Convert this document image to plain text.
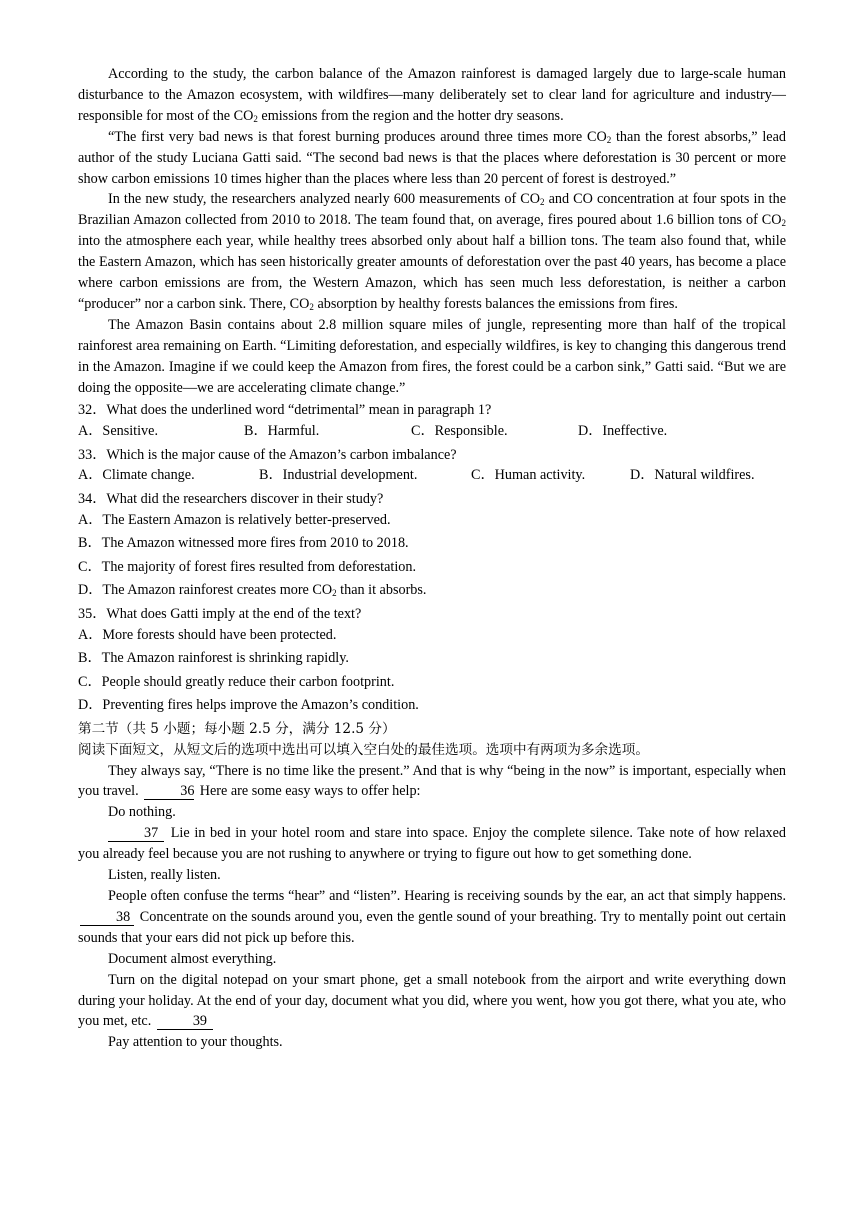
According to the study, the carbon balance of the Amazon rainforest is damaged largely due to large-scale human disturbance to the Amazon ecosystem, with wildfires—many deliberately set to clear land for agriculture and industry—responsible for most of the $CO_2$ emissions from the region and the hotter dry seasons.

“The first very bad news is that forest burning produces around three times more $CO_2$ than the forest absorbs,” lead author of the study Luciana Gatti said. “The second bad news is that the places where deforestation is 30 percent or more show carbon emissions 10 times higher than the places where less than 20 percent of forest is destroyed.”

In the new study, the researchers analyzed nearly 600 measurements of $CO_2$ and CO concentration at four spots in the Brazilian Amazon collected from 2010 to 2018. The team found that, on average, fires poured about 1.6 billion tons of $CO_2$ into the atmosphere each year, while healthy trees absorbed only about half a billion tons. The team also found that, while the Eastern Amazon, which has seen historically greater amounts of deforestation over the past 40 years, has become a place where carbon emissions are from, the Western Amazon, which has seen much less deforestation, is neither a carbon “producer” nor a carbon sink. There, $CO_2$ absorption by healthy forests balances the emissions from fires.

The Amazon Basin contains about 2.8 million square miles of jungle, representing more than half of the tropical rainforest area remaining on Earth. “Limiting deforestation, and especially wildfires, is key to changing this dangerous trend in the Amazon. Imagine if we could keep the Amazon from fires, the forest could be a carbon sink,” Gatti said. “But we are doing the opposite—we are accelerating climate change.”

32．What does the underlined word “detrimental” mean in paragraph 1?

A．Sensitive.	B．Harmful.	C．Responsible.	D．Ineffective.

33．Which is the major cause of the Amazon’s carbon imbalance?

A．Climate change.	B．Industrial development.	C．Human activity.	D．Natural wildfires.

34．What did the researchers discover in their study?

A．The Eastern Amazon is relatively better-preserved.

B．The Amazon witnessed more fires from 2010 to 2018.

C．The majority of forest fires resulted from deforestation.

D．The Amazon rainforest creates more $CO_2$ than it absorbs.

35．What does Gatti imply at the end of the text?

A．More forests should have been protected.

B．The Amazon rainforest is shrinking rapidly.

C．People should greatly reduce their carbon footprint.

D．Preventing fires helps improve the Amazon’s condition.

第二节（共 5 小题；每小题 2.5 分，满分 12.5 分）

阅读下面短文，从短文后的选项中选出可以填入空白处的最佳选项。选项中有两项为多余选项。

They always say, “There is no time like the present.” And that is why “being in the now” is important, especially when you travel.	36 Here are some easy ways to offer help:

Do nothing.

37 Lie in bed in your hotel room and stare into space. Enjoy the complete silence. Take note of how relaxed you already feel because you are not rushing to anywhere or trying to figure out how to get something done.

Listen, really listen.

People often confuse the terms “hear” and “listen”. Hearing is receiving sounds by the ear, an act that simply happens. 38 Concentrate on the sounds around you, even the gentle sound of your breathing. Try to mentally point out certain sounds that your ears did not pick up before this.

Document almost everything.

Turn on the digital notepad on your smart phone, get a small notebook from the airport and write everything down during your holiday. At the end of your day, document what you did, where you went, how you got there, what you ate, who you met, etc.	39

Pay attention to your thoughts.
